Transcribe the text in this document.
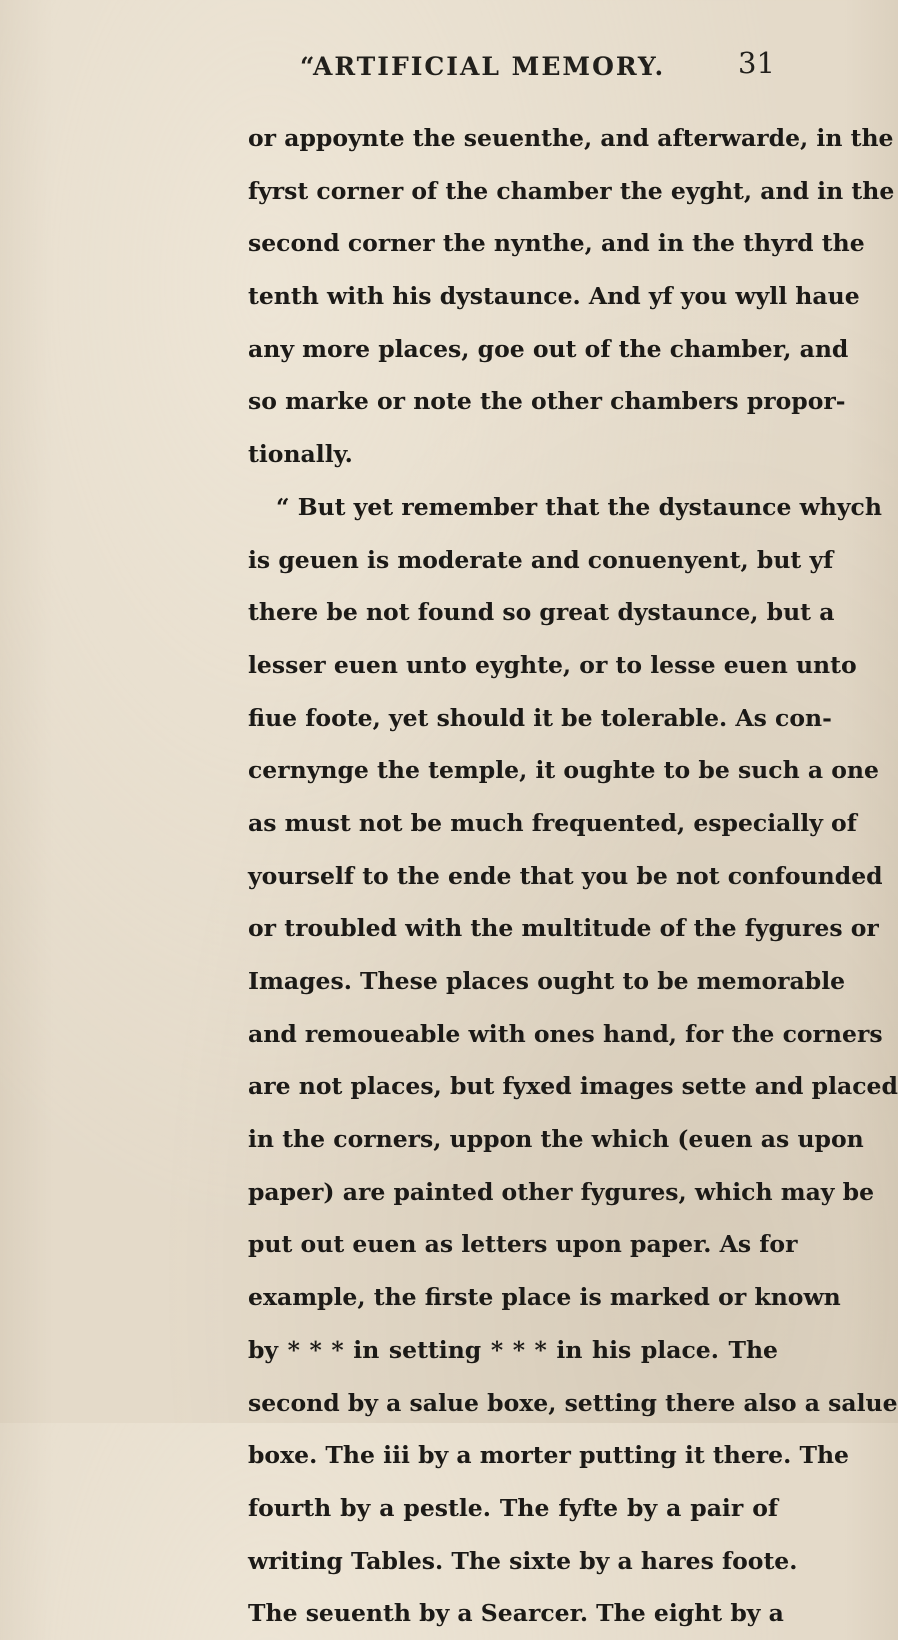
“ARTIFICIAL MEMORY.	31
or appoynte the seuenthe, and afterwarde, in the
fyrst corner of the chamber the eyght, and in the
second corner the nynthe, and in the thyrd the
tenth with his dystaunce. And yf you wyll haue
any more places, goe out of the chamber, and
so marke or note the other chambers propor-
tionally.
“ But yet remember that the dystaunce whych
is geuen is moderate and conuenyent, but yf
there be not found so great dystaunce, but a
lesser euen unto eyghte, or to lesse euen unto
fiue foote, yet should it be tolerable. As con-
cernynge the temple, it oughte to be such a one
as must not be much frequented, especially of
yourself to the ende that you be not confounded
or troubled with the multitude of the fygures or
Images. These places ought to be memorable
and remoueable with ones hand, for the corners
are not places, but fyxed images sette and placed
in the corners, uppon the which (euen as upon
paper) are painted other fygures, which may be
put out euen as letters upon paper. As for
example, the firste place is marked or known
by * * * in setting * * * in his place. The
second by a salue boxe, setting there also a salue
boxe. The iii by a morter putting it there. The
fourth by a pestle. The fyfte by a pair of
writing Tables. The sixte by a hares foote.
The seuenth by a Searcer. The eight by a
